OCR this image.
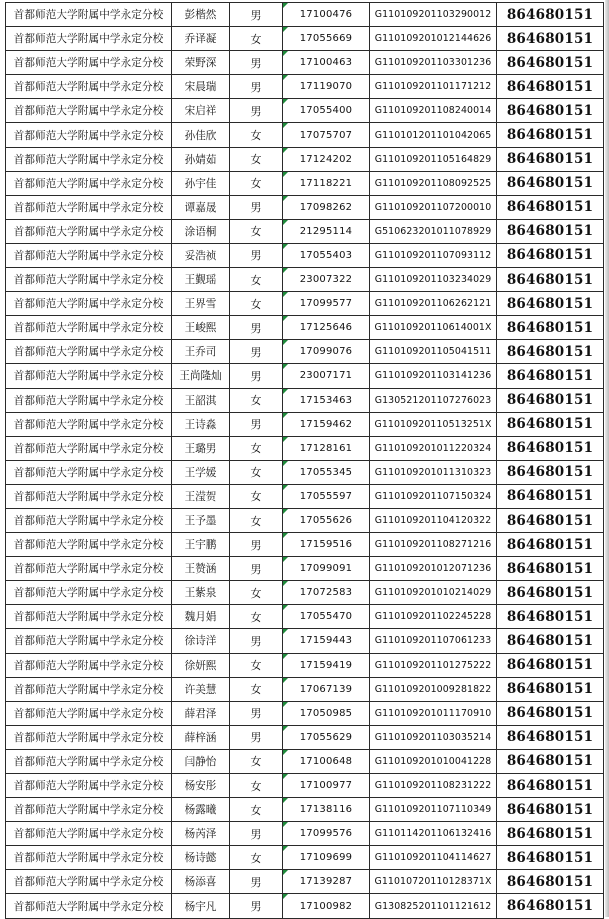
首都师范大学附属中学永定分校	彭楷然	男	17100476	G110109201103290012	864680151
首都师范大学附属中学永定分校	乔译凝	女	17055669	G110109201012144626	864680151
首都师范大学附属中学永定分校	荣野深	男	17100463	G110109201103301236	864680151
首都师范大学附属中学永定分校	宋晨瑞	男	17119070	G110109201101171212	864680151
首都师范大学附属中学永定分校	宋启祥	男	17055400	G110109201108240014	864680151
首都师范大学附属中学永定分校	孙佳欣	女	17075707	G110101201101042065	864680151
首都师范大学附属中学永定分校	孙婧茹	女	17124202	G110109201105164829	864680151
首都师范大学附属中学永定分校	孙宇佳	女	17118221	G110109201108092525	864680151
首都师范大学附属中学永定分校	谭嘉晟	男	17098262	G110109201107200010	864680151
首都师范大学附属中学永定分校	涂语桐	女	21295114	G510623201011078929	864680151
首都师范大学附属中学永定分校	妥浩祯	男	17055403	G110109201107093112	864680151
首都师范大学附属中学永定分校	王觐瑶	女	23007322	G110109201103234029	864680151
首都师范大学附属中学永定分校	王界雪	女	17099577	G110109201106262121	864680151
首都师范大学附属中学永定分校	王峻熙	男	17125646	G11010920110614001X	864680151
首都师范大学附属中学永定分校	王乔司	男	17099076	G110109201105041511	864680151
首都师范大学附属中学永定分校	王尚隆灿	男	23007171	G110109201103141236	864680151
首都师范大学附属中学永定分校	王韶淇	女	17153463	G130521201107276023	864680151
首都师范大学附属中学永定分校	王诗淼	男	17159462	G11010920110513251X	864680151
首都师范大学附属中学永定分校	王璐男	女	17128161	G110109201011220324	864680151
首都师范大学附属中学永定分校	王学媛	女	17055345	G110109201011310323	864680151
首都师范大学附属中学永定分校	王滢贺	女	17055597	G110109201107150324	864680151
首都师范大学附属中学永定分校	王予墨	女	17055626	G110109201104120322	864680151
首都师范大学附属中学永定分校	王宇鹏	男	17159516	G110109201108271216	864680151
首都师范大学附属中学永定分校	王赞涵	男	17099091	G110109201012071236	864680151
首都师范大学附属中学永定分校	王紫泉	女	17072583	G110109201010214029	864680151
首都师范大学附属中学永定分校	魏月娟	女	17055470	G110109201102245228	864680151
首都师范大学附属中学永定分校	徐诗洋	男	17159443	G110109201107061233	864680151
首都师范大学附属中学永定分校	徐妍熙	女	17159419	G110109201101275222	864680151
首都师范大学附属中学永定分校	许美慧	女	17067139	G110109201009281822	864680151
首都师范大学附属中学永定分校	薛君泽	男	17050985	G110109201011170910	864680151
首都师范大学附属中学永定分校	薛梓涵	男	17055629	G110109201103035214	864680151
首都师范大学附属中学永定分校	闫静怡	女	17100648	G110109201010041228	864680151
首都师范大学附属中学永定分校	杨安彤	女	17100977	G110109201108231222	864680151
首都师范大学附属中学永定分校	杨露曦	女	17138116	G110109201107110349	864680151
首都师范大学附属中学永定分校	杨芮泽	男	17099576	G110114201106132416	864680151
首都师范大学附属中学永定分校	杨诗懿	女	17109699	G110109201104114627	864680151
首都师范大学附属中学永定分校	杨添喜	男	17139287	G11010720110128371X	864680151
首都师范大学附属中学永定分校	杨宇凡	男	17100982	G130825201101121612	864680151
